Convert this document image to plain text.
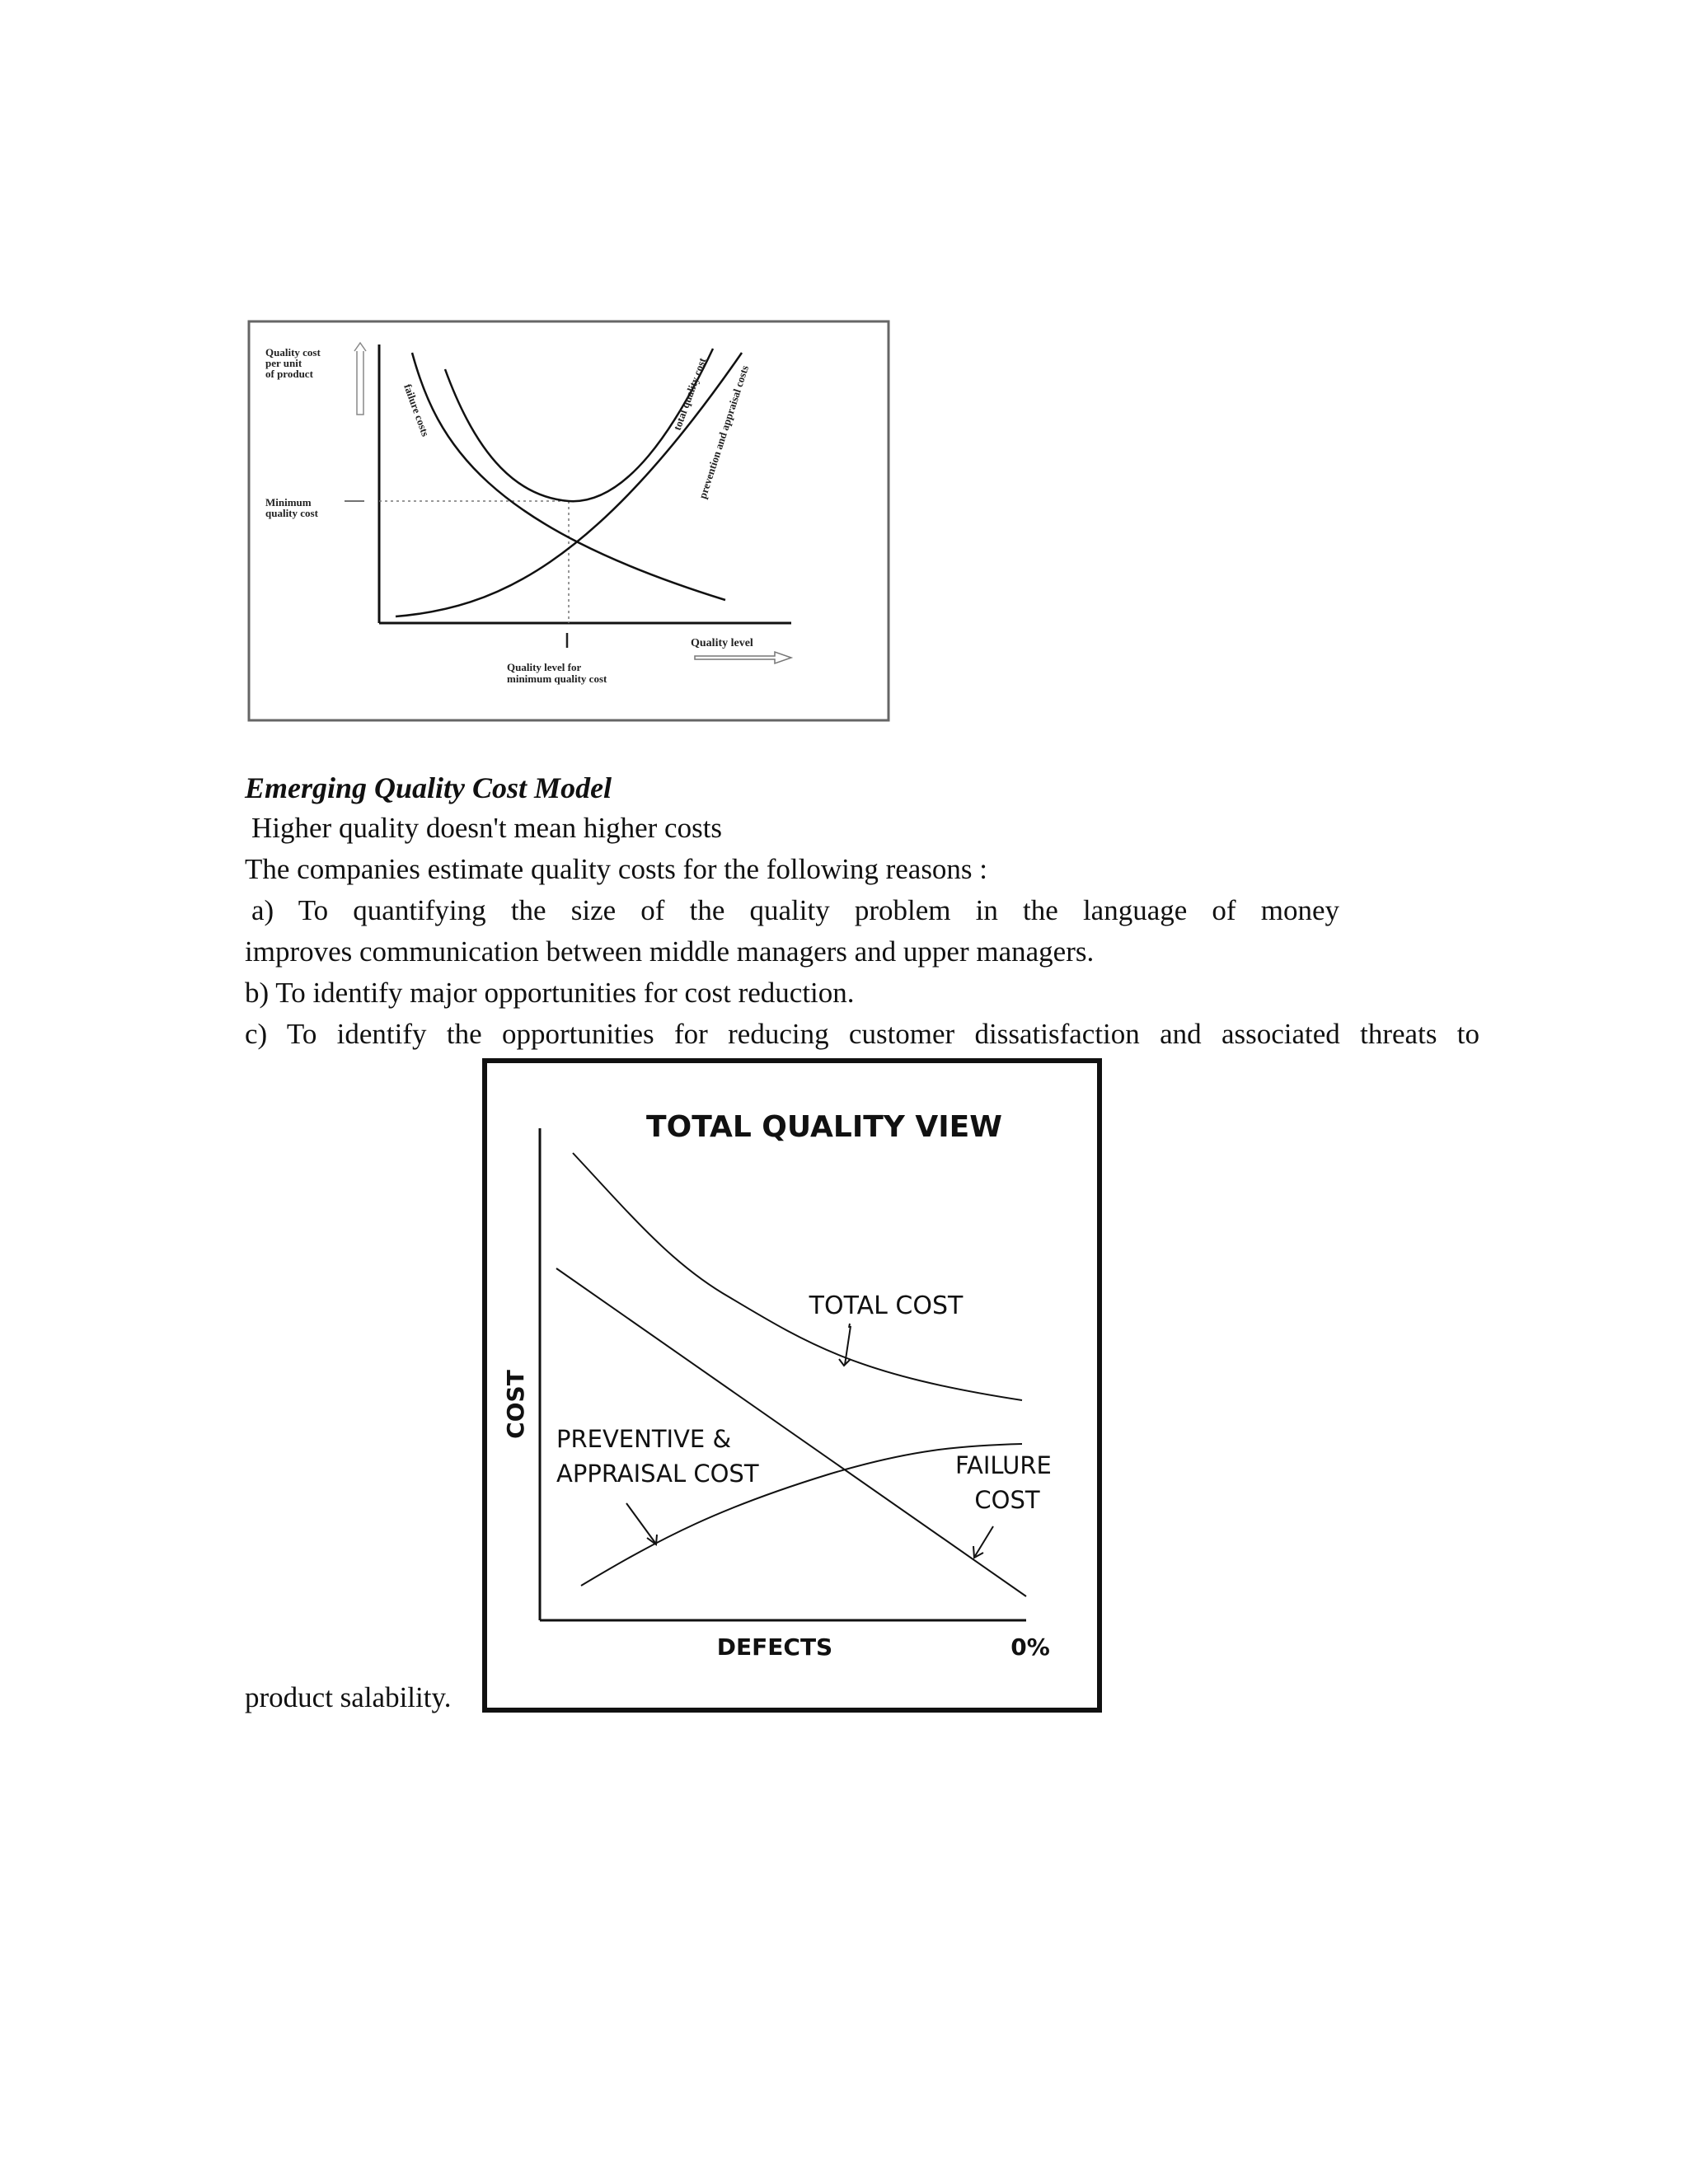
Quality cost per unit of product
Minimum quality cost
failure costs	total quality cost
prevention and appraisal costs
Quality level
Quality level for minimum quality cost
Emerging Quality Cost Model
Higher quality doesn't mean higher costs
The companies estimate quality costs for the following reasons :
a) To quantifying the size of the quality problem in the language of money
improves communication between middle managers and upper managers.
b) To identify major opportunities for cost reduction.
c) To identify the opportunities for reducing customer dissatisfaction and associated threats to
product salability.
TOTAL QUALITY VIEW
COST
DEFECTS	0%
TOTAL COST
PREVENTIVE & APPRAISAL COST	FAILURE COST
